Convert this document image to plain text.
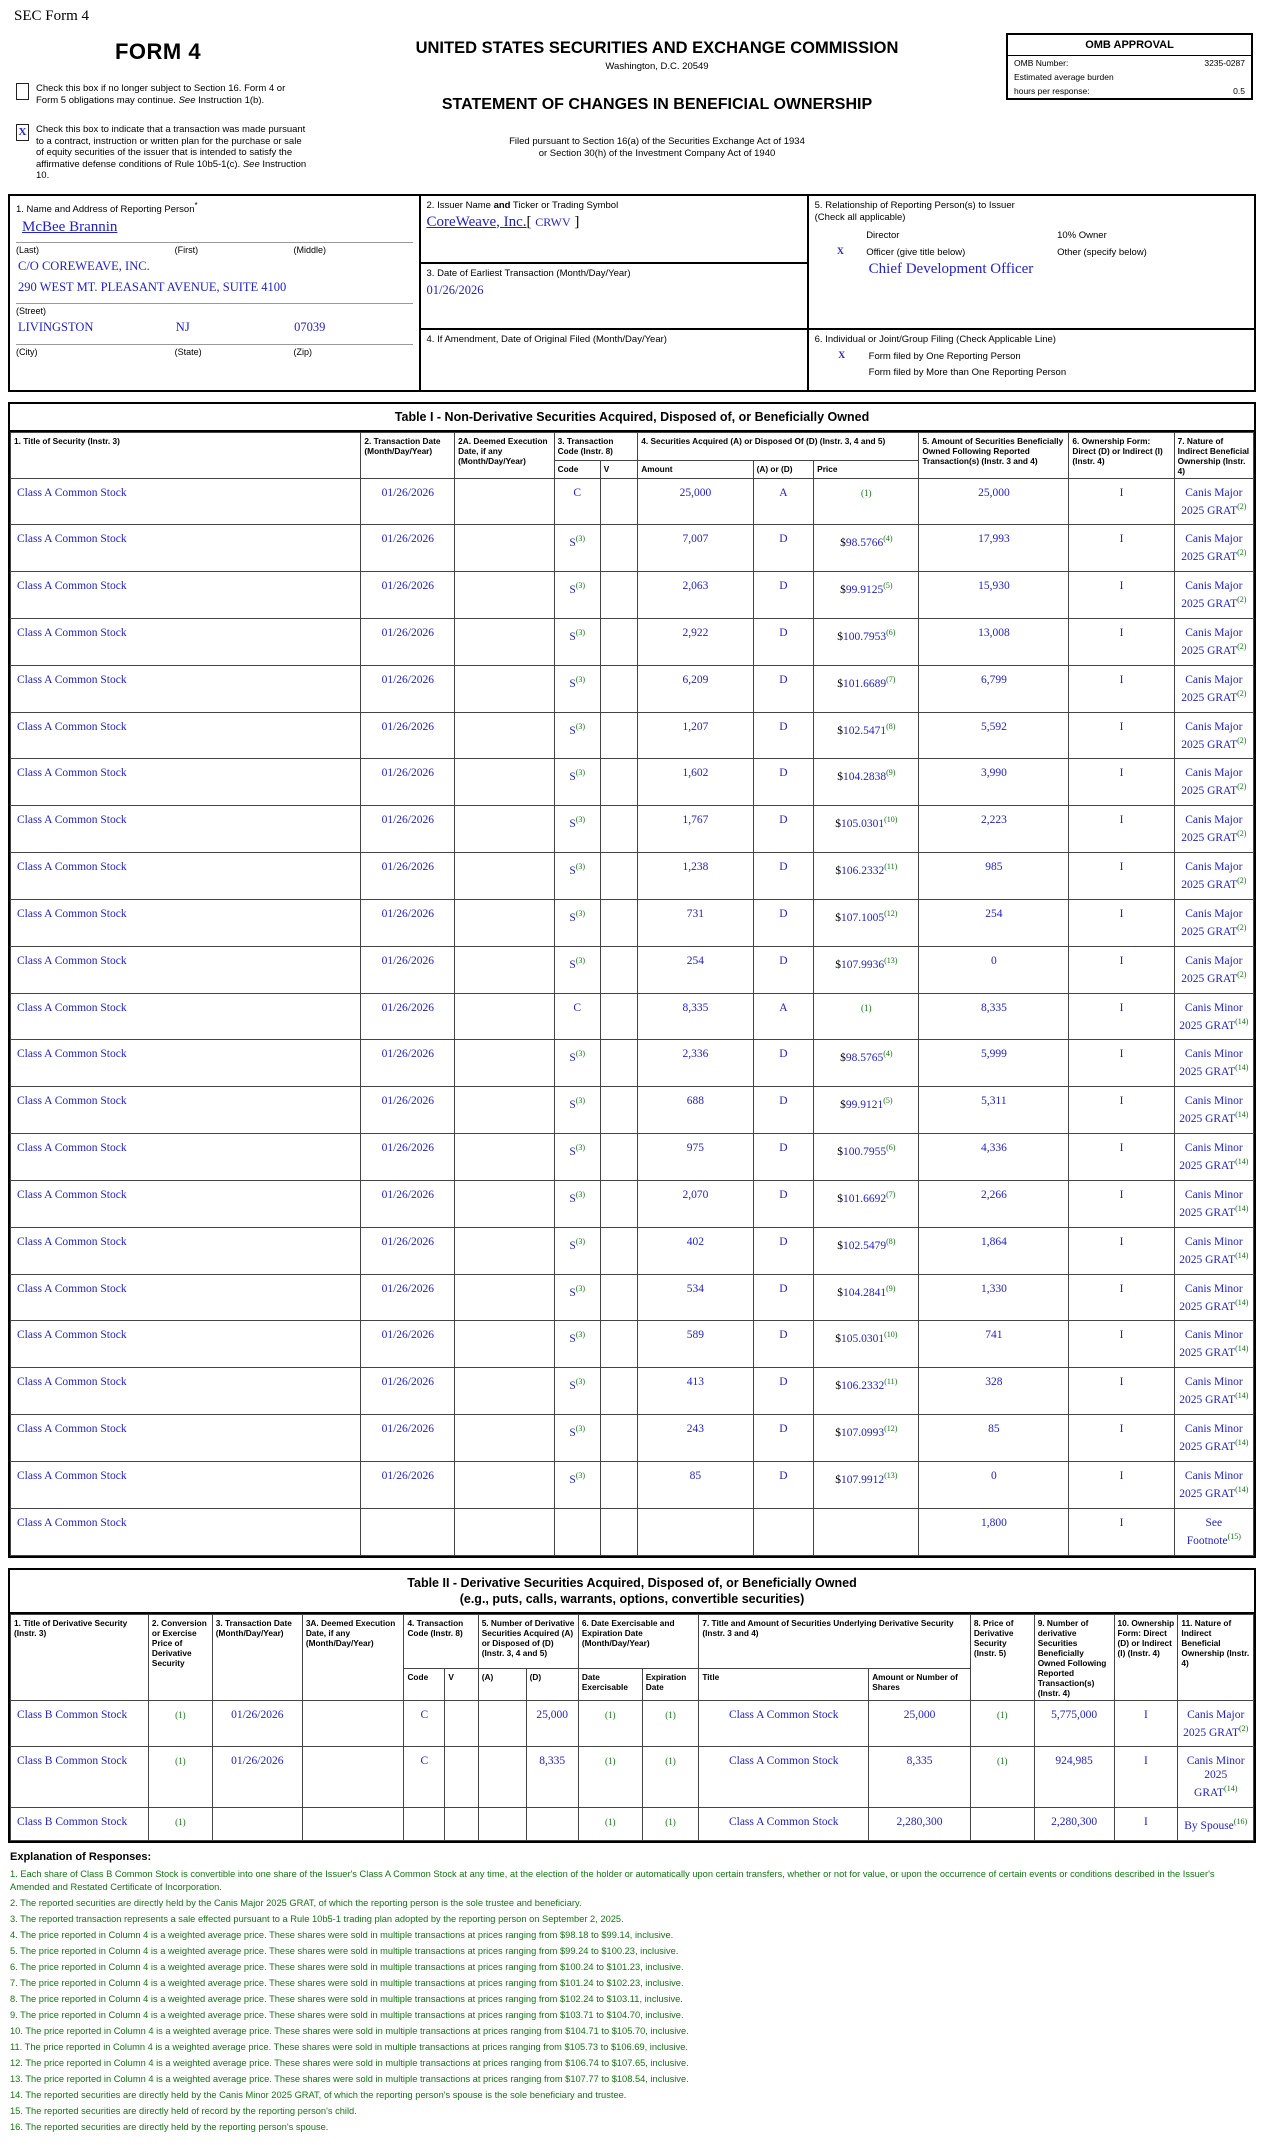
SEC Form 4
FORM 4
Check this box if no longer subject to Section 16. Form 4 or Form 5 obligations may continue. See Instruction 1(b).
X Check this box to indicate that a transaction was made pursuant to a contract, instruction or written plan for the purchase or sale of equity securities of the issuer that is intended to satisfy the affirmative defense conditions of Rule 10b5-1(c). See Instruction 10.
UNITED STATES SECURITIES AND EXCHANGE COMMISSION
Washington, D.C. 20549
STATEMENT OF CHANGES IN BENEFICIAL OWNERSHIP
Filed pursuant to Section 16(a) of the Securities Exchange Act of 1934
or Section 30(h) of the Investment Company Act of 1940
OMB APPROVAL
OMB Number:	3235-0287
Estimated average burden
hours per response:	0.5
1. Name and Address of Reporting Person*
McBee Brannin
(Last)	(First)	(Middle)
C/O COREWEAVE, INC.
290 WEST MT. PLEASANT AVENUE, SUITE 4100
(Street)
LIVINGSTON	NJ	07039
(City)	(State)	(Zip)
2. Issuer Name and Ticker or Trading Symbol
CoreWeave, Inc.[ CRWV ]
3. Date of Earliest Transaction (Month/Day/Year)
01/26/2026
4. If Amendment, Date of Original Filed (Month/Day/Year)
5. Relationship of Reporting Person(s) to Issuer
(Check all applicable)
Director	10% Owner
X	Officer (give title below)	Other (specify below)
Chief Development Officer
6. Individual or Joint/Group Filing (Check Applicable Line)
X	Form filed by One Reporting Person
Form filed by More than One Reporting Person
Table I - Non-Derivative Securities Acquired, Disposed of, or Beneficially Owned
1. Title of Security (Instr. 3)	2. Transaction Date (Month/Day/Year)	2A. Deemed Execution Date, if any (Month/Day/Year)	3. Transaction Code (Instr. 8)		4. Securities Acquired (A) or Disposed Of (D) (Instr. 3, 4 and 5)			5. Amount of Securities Beneficially Owned Following Reported Transaction(s) (Instr. 3 and 4)	6. Ownership Form: Direct (D) or Indirect (I) (Instr. 4)	7. Nature of Indirect Beneficial Ownership (Instr. 4)
			Code	V	Amount	(A) or (D)	Price			
Class A Common Stock	01/26/2026		C		25,000	A	(1)	25,000	I	Canis Major 2025 GRAT$^{(2)}$
Class A Common Stock	01/26/2026		$S^{(3)}$		7,007	D	$98.5766$^{(4)}$	17,993	I	Canis Major 2025 GRAT$^{(2)}$
Class A Common Stock	01/26/2026		$S^{(3)}$		2,063	D	$99.9125$^{(5)}$	15,930	I	Canis Major 2025 GRAT$^{(2)}$
Class A Common Stock	01/26/2026		$S^{(3)}$		2,922	D	$100.7953$^{(6)}$	13,008	I	Canis Major 2025 GRAT$^{(2)}$
Class A Common Stock	01/26/2026		$S^{(3)}$		6,209	D	$101.6689$^{(7)}$	6,799	I	Canis Major 2025 GRAT$^{(2)}$
Class A Common Stock	01/26/2026		$S^{(3)}$		1,207	D	$102.5471$^{(8)}$	5,592	I	Canis Major 2025 GRAT$^{(2)}$
Class A Common Stock	01/26/2026		$S^{(3)}$		1,602	D	$104.2838$^{(9)}$	3,990	I	Canis Major 2025 GRAT$^{(2)}$
Class A Common Stock	01/26/2026		$S^{(3)}$		1,767	D	$105.0301$^{(10)}$	2,223	I	Canis Major 2025 GRAT$^{(2)}$
Class A Common Stock	01/26/2026		$S^{(3)}$		1,238	D	$106.2332$^{(11)}$	985	I	Canis Major 2025 GRAT$^{(2)}$
Class A Common Stock	01/26/2026		$S^{(3)}$		731	D	$107.1005$^{(12)}$	254	I	Canis Major 2025 GRAT$^{(2)}$
Class A Common Stock	01/26/2026		$S^{(3)}$		254	D	$107.9936$^{(13)}$	0	I	Canis Major 2025 GRAT$^{(2)}$
Class A Common Stock	01/26/2026		C		8,335	A	(1)	8,335	I	Canis Minor 2025 GRAT$^{(14)}$
Class A Common Stock	01/26/2026		$S^{(3)}$		2,336	D	$98.5765$^{(4)}$	5,999	I	Canis Minor 2025 GRAT$^{(14)}$
Class A Common Stock	01/26/2026		$S^{(3)}$		688	D	$99.9121$^{(5)}$	5,311	I	Canis Minor 2025 GRAT$^{(14)}$
Class A Common Stock	01/26/2026		$S^{(3)}$		975	D	$100.7955$^{(6)}$	4,336	I	Canis Minor 2025 GRAT$^{(14)}$
Class A Common Stock	01/26/2026		$S^{(3)}$		2,070	D	$101.6692$^{(7)}$	2,266	I	Canis Minor 2025 GRAT$^{(14)}$
Class A Common Stock	01/26/2026		$S^{(3)}$		402	D	$102.5479$^{(8)}$	1,864	I	Canis Minor 2025 GRAT$^{(14)}$
Class A Common Stock	01/26/2026		$S^{(3)}$		534	D	$104.2841$^{(9)}$	1,330	I	Canis Minor 2025 GRAT$^{(14)}$
Class A Common Stock	01/26/2026		$S^{(3)}$		589	D	$105.0301$^{(10)}$	741	I	Canis Minor 2025 GRAT$^{(14)}$
Class A Common Stock	01/26/2026		$S^{(3)}$		413	D	$106.2332$^{(11)}$	328	I	Canis Minor 2025 GRAT$^{(14)}$
Class A Common Stock	01/26/2026		$S^{(3)}$		243	D	$107.0993$^{(12)}$	85	I	Canis Minor 2025 GRAT$^{(14)}$
Class A Common Stock	01/26/2026		$S^{(3)}$		85	D	$107.9912$^{(13)}$	0	I	Canis Minor 2025 GRAT$^{(14)}$
Class A Common Stock								1,800	I	See Footnote$^{(15)}$
Table II - Derivative Securities Acquired, Disposed of, or Beneficially Owned
(e.g., puts, calls, warrants, options, convertible securities)
1. Title of Derivative Security (Instr. 3)	2. Conversion or Exercise Price of Derivative Security	3. Transaction Date (Month/Day/Year)	3A. Deemed Execution Date, if any (Month/Day/Year)	4. Transaction Code (Instr. 8)		5. Number of Derivative Securities Acquired (A) or Disposed of (D) (Instr. 3, 4 and 5)		6. Date Exercisable and Expiration Date (Month/Day/Year)		7. Title and Amount of Securities Underlying Derivative Security (Instr. 3 and 4)		8. Price of Derivative Security (Instr. 5)	9. Number of derivative Securities Beneficially Owned Following Reported Transaction(s) (Instr. 4)	10. Ownership Form: Direct (D) or Indirect (I) (Instr. 4)	11. Nature of Indirect Beneficial Ownership (Instr. 4)
				Code	V	(A)	(D)	Date Exercisable	Expiration Date	Title	Amount or Number of Shares				
Class B Common Stock	(1)	01/26/2026		C			25,000	(1)	(1)	Class A Common Stock	25,000	(1)	5,775,000	I	Canis Major 2025 GRAT$^{(2)}$
Class B Common Stock	(1)	01/26/2026		C			8,335	(1)	(1)	Class A Common Stock	8,335	(1)	924,985	I	Canis Minor 2025 GRAT$^{(14)}$
Class B Common Stock	(1)							(1)	(1)	Class A Common Stock	2,280,300		2,280,300	I	By Spouse$^{(16)}$
Explanation of Responses:
1. Each share of Class B Common Stock is convertible into one share of the Issuer's Class A Common Stock at any time, at the election of the holder or automatically upon certain transfers, whether or not for value, or upon the occurrence of certain events or conditions described in the Issuer's Amended and Restated Certificate of Incorporation.
2. The reported securities are directly held by the Canis Major 2025 GRAT, of which the reporting person is the sole trustee and beneficiary.
3. The reported transaction represents a sale effected pursuant to a Rule 10b5-1 trading plan adopted by the reporting person on September 2, 2025.
4. The price reported in Column 4 is a weighted average price. These shares were sold in multiple transactions at prices ranging from $98.18 to $99.14, inclusive.
5. The price reported in Column 4 is a weighted average price. These shares were sold in multiple transactions at prices ranging from $99.24 to $100.23, inclusive.
6. The price reported in Column 4 is a weighted average price. These shares were sold in multiple transactions at prices ranging from $100.24 to $101.23, inclusive.
7. The price reported in Column 4 is a weighted average price. These shares were sold in multiple transactions at prices ranging from $101.24 to $102.23, inclusive.
8. The price reported in Column 4 is a weighted average price. These shares were sold in multiple transactions at prices ranging from $102.24 to $103.11, inclusive.
9. The price reported in Column 4 is a weighted average price. These shares were sold in multiple transactions at prices ranging from $103.71 to $104.70, inclusive.
10. The price reported in Column 4 is a weighted average price. These shares were sold in multiple transactions at prices ranging from $104.71 to $105.70, inclusive.
11. The price reported in Column 4 is a weighted average price. These shares were sold in multiple transactions at prices ranging from $105.73 to $106.69, inclusive.
12. The price reported in Column 4 is a weighted average price. These shares were sold in multiple transactions at prices ranging from $106.74 to $107.65, inclusive.
13. The price reported in Column 4 is a weighted average price. These shares were sold in multiple transactions at prices ranging from $107.77 to $108.54, inclusive.
14. The reported securities are directly held by the Canis Minor 2025 GRAT, of which the reporting person's spouse is the sole beneficiary and trustee.
15. The reported securities are directly held of record by the reporting person's child.
16. The reported securities are directly held by the reporting person's spouse.
